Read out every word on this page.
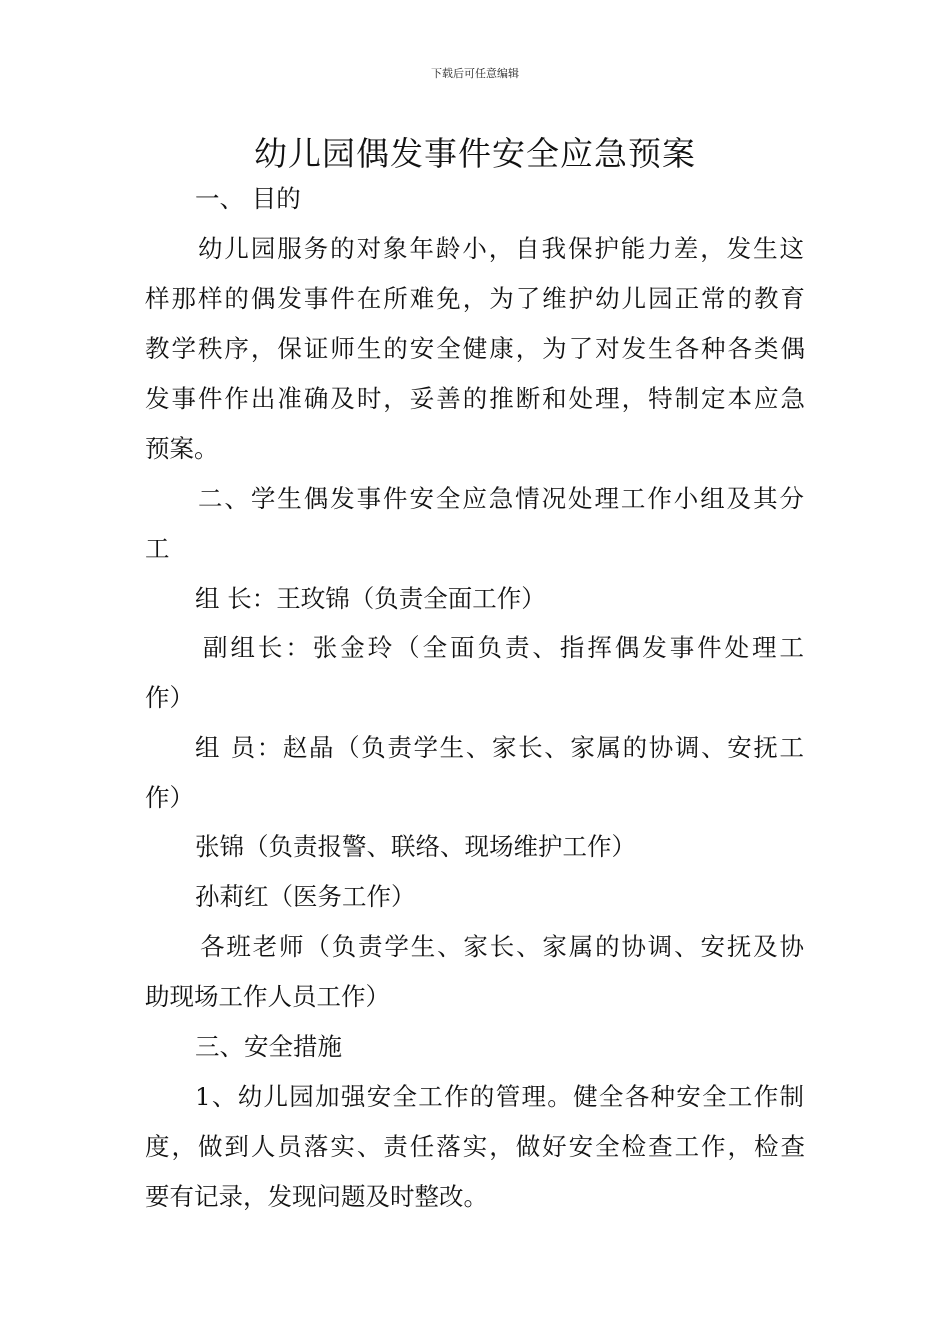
下载后可任意编辑
幼儿园偶发事件安全应急预案
一、 目的
幼儿园服务的对象年龄小，自我保护能力差，发生这
样那样的偶发事件在所难免，为了维护幼儿园正常的教育
教学秩序，保证师生的安全健康，为了对发生各种各类偶
发事件作出准确及时，妥善的推断和处理，特制定本应急
预案。
二、学生偶发事件安全应急情况处理工作小组及其分
工
组 长：王玫锦（负责全面工作）
副组长：张金玲（全面负责、指挥偶发事件处理工
作）
组 员：赵晶（负责学生、家长、家属的协调、安抚工
作）
张锦（负责报警、联络、现场维护工作）
孙莉红（医务工作）
各班老师（负责学生、家长、家属的协调、安抚及协
助现场工作人员工作）
三、安全措施
1、幼儿园加强安全工作的管理。健全各种安全工作制
度，做到人员落实、责任落实，做好安全检查工作，检查
要有记录，发现问题及时整改。
